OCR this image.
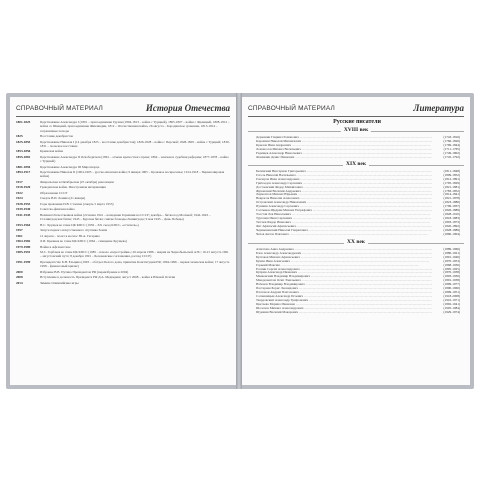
СПРАВОЧНЫЙ МАТЕРИАЛ	История Отечества
1801-1825	Царствование Александра I (1801 – присоединение Грузии (1804-1813 – война с Турцией), 1805-1807 – война с Францией, 1808-1812 – война со Швецией, присоединение Финляндии, 1812 – Отечественная война, 26 августа – Бородинское сражение, 1813-1814 – заграничные походы
1825	Восстание декабристов
1825-1855	Царствование Николая I (14 декабря 1825 – восстание декабристов); 1826-1828 – война с Персией; 1828-1829 – война с Турцией; 1830-1831 – польское восстание
1853-1856	Крымская война
1855-1881	Царствование Александра II Освободителя (1861 – отмена крепостного права; 1864 – земская и судебная реформы; 1877-1878 – война с Турцией)
1881-1894	Царствование Александра III Миротворца
1894-1917	Царствование Николая II (1904-1905 – русско-японская война; 9 января 1905 – Кровавое воскресенье; 1914-1918 – Первая мировая война)
1917	Февральская и Октябрьская (25 октября) революции
1918-1920	Гражданская война. Иностранная интервенция
1922	Образование СССР
1924	Смерть В.И. Ленина (21 января)
1928-1953	Годы правления И.В. Сталина (смерть 5 марта 1953)
1939-1940	Советско-финская война
1941-1945	Великая Отечественная война (22 июня 1941 – нападение Германии на СССР; декабрь – битва под Москвой; 1942-1943 – Сталинградская битва; 1943 – Курская битва; снятие блокады Ленинграда; 9 мая 1945 – День Победы)
1953-1964	Н.С. Хрущев во главе ЦК КПСС (1956 – ХХ съезд КПСС, «оттепель»)
1957	Запуск первого искусственного спутника Земли
1961	12 апреля – полет в космос Ю.А. Гагарина
1964-1982	Л.И. Брежнев во главе ЦК КПСС (1964 – смещение Хрущева)
1979-1989	Война в Афганистане
1985-1991	М.С. Горбачев во главе ЦК КПСС (1985 – начало «перестройки»; 26 апреля 1986 – авария на Чернобыльской АЭС; 19-21 августа 1991 – августовский путч; 8 декабря 1991 – Беловежские соглашения, распад СССР)
1991-1999	Президентство Б.Н. Ельцина (1993 – обстрел Белого дома, принятие Конституции РФ; 1994-1996 – первая чеченская война; 17 августа 1998 – финансовый кризис)
2000	Избрание В.В. Путина Президентом РФ (переизбрание в 2004)
2008	Вступление в должность Президента РФ Д.А. Медведева; август 2008 – война в Южной Осетии
2014	Зимние Олимпийские игры
СПРАВОЧНЫЙ МАТЕРИАЛ	Литература
Русские писатели
XVIII век
Державин Гавриил Романович .....	(1743-1816)
Карамзин Николай Михайлович .....	(1766-1826)
Крылов Иван Андреевич .....	(1769-1844)
Ломоносов Михаил Васильевич .....	(1711-1765)
Радищев Александр Николаевич .....	(1749-1802)
Фонвизин Денис Иванович .....	(1745-1792)
XIX век
Белинский Виссарион Григорьевич .....	(1811-1848)
Гоголь Николай Васильевич .....	(1809-1852)
Гончаров Иван Александрович .....	(1812-1891)
Грибоедов Александр Сергеевич .....	(1795-1829)
Достоевский Федор Михайлович .....	(1821-1881)
Жуковский Василий Андреевич .....	(1783-1852)
Лермонтов Михаил Юрьевич .....	(1814-1841)
Некрасов Николай Алексеевич .....	(1821-1878)
Островский Александр Николаевич .....	(1823-1886)
Пушкин Александр Сергеевич .....	(1799-1837)
Салтыков-Щедрин Михаил Евграфович .....	(1826-1889)
Толстой Лев Николаевич .....	(1828-1910)
Тургенев Иван Сергеевич .....	(1818-1883)
Тютчев Федор Иванович .....	(1803-1873)
Фет Афанасий Афанасьевич .....	(1820-1892)
Чернышевский Николай Гаврилович .....	(1828-1889)
Чехов Антон Павлович .....	(1860-1904)
XX век
Ахматова Анна Андреевна .....	(1889-1966)
Блок Александр Александрович .....	(1880-1921)
Булгаков Михаил Афанасьевич .....	(1891-1940)
Бунин Иван Алексеевич .....	(1870-1953)
Горький Максим .....	(1868-1936)
Есенин Сергей Александрович .....	(1895-1925)
Куприн Александр Иванович .....	(1870-1938)
Маяковский Владимир Владимирович .....	(1893-1930)
Мандельштам Осип Эмильевич .....	(1891-1938)
Набоков Владимир Владимирович .....	(1899-1977)
Пастернак Борис Леонидович .....	(1890-1960)
Платонов Андрей Платонович .....	(1899-1951)
Солженицын Александр Исаевич .....	(1918-2008)
Твардовский Александр Трифонович .....	(1910-1971)
Цветаева Марина Ивановна .....	(1892-1941)
Шолохов Михаил Александрович .....	(1905-1984)
Шукшин Василий Макарович .....	(1929-1974)
